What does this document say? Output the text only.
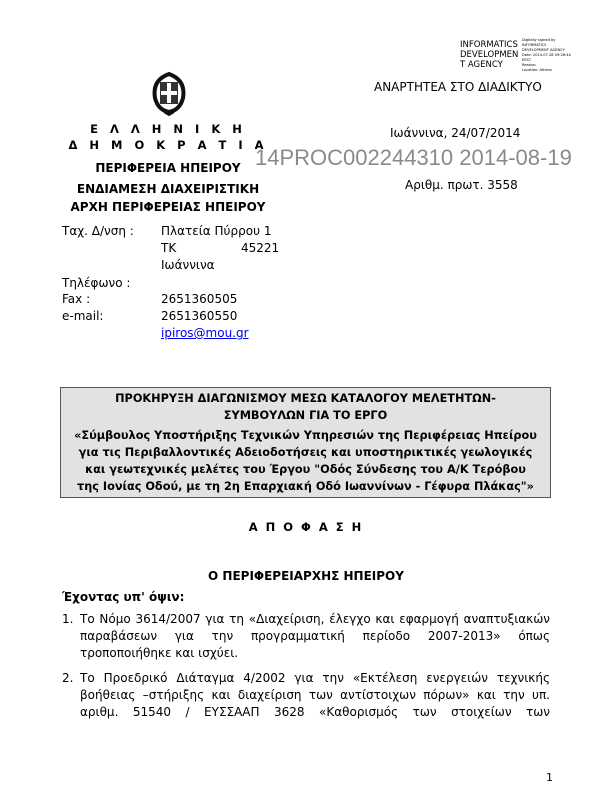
Ε Λ Λ Η Ν Ι Κ Η
Δ Η Μ Ο Κ Ρ Α Τ Ι Α
ΠΕΡΙΦΕΡΕΙΑ ΗΠΕΙΡΟΥ
ΕΝΔΙΑΜΕΣΗ ΔΙΑΧΕΙΡΙΣΤΙΚΗ
ΑΡΧΗ ΠΕΡΙΦΕΡΕΙΑΣ ΗΠΕΙΡΟΥ
Ταχ. Δ/νση : Πλατεία Πύρρου 1
ΤΚ	45221
Ιωάννινα
Τηλέφωνο :
Fax :	2651360505
e-mail:	2651360550
ipiros@mou.gr
INFORMATICS
DEVELOPMEN
T AGENCY
Digitally signed by
INFORMATICS
DEVELOPMENT AGENCY
Date: 2014.07.28 09:26:44
EEST
Reason:
Location: Athens
ΑΝΑΡΤΗΤΕΑ ΣΤΟ ΔΙΑΔΙΚΤΥΟ
Ιωάννινα, 24/07/2014
14PROC002244310 2014-08-19
Αριθμ. πρωτ. 3558
ΠΡΟΚΗΡΥΞΗ ΔΙΑΓΩΝΙΣΜΟΥ ΜΕΣΩ ΚΑΤΑΛΟΓΟΥ ΜΕΛΕΤΗΤΩΝ-
ΣΥΜΒΟΥΛΩΝ ΓΙΑ ΤΟ ΕΡΓΟ
«Σύμβουλος Υποστήριξης Τεχνικών Υπηρεσιών της Περιφέρειας Ηπείρου
για τις Περιβαλλοντικές Αδειοδοτήσεις και υποστηρικτικές γεωλογικές
και γεωτεχνικές μελέτες του Έργου "Οδός Σύνδεσης του Α/Κ Τερόβου
της Ιονίας Οδού, με τη 2η Επαρχιακή Οδό Ιωαννίνων - Γέφυρα Πλάκας"»
Α Π Ο Φ Α Σ Η
Ο ΠΕΡΙΦΕΡΕΙΑΡΧΗΣ ΗΠΕΙΡΟΥ
Έχοντας υπ' όψιν:
1. Το Νόμο 3614/2007 για τη «Διαχείριση, έλεγχο και εφαρμογή αναπτυξιακών
παραβάσεων για την προγραμματική περίοδο 2007-2013» όπως
τροποποιήθηκε και ισχύει.
2. Το Προεδρικό Διάταγμα 4/2002 για την «Εκτέλεση ενεργειών τεχνικής
βοήθειας –στήριξης και διαχείριση των αντίστοιχων πόρων» και την υπ.
αριθμ. 51540 / ΕΥΣΣΑΑΠ 3628 «Καθορισμός των στοιχείων των
1
